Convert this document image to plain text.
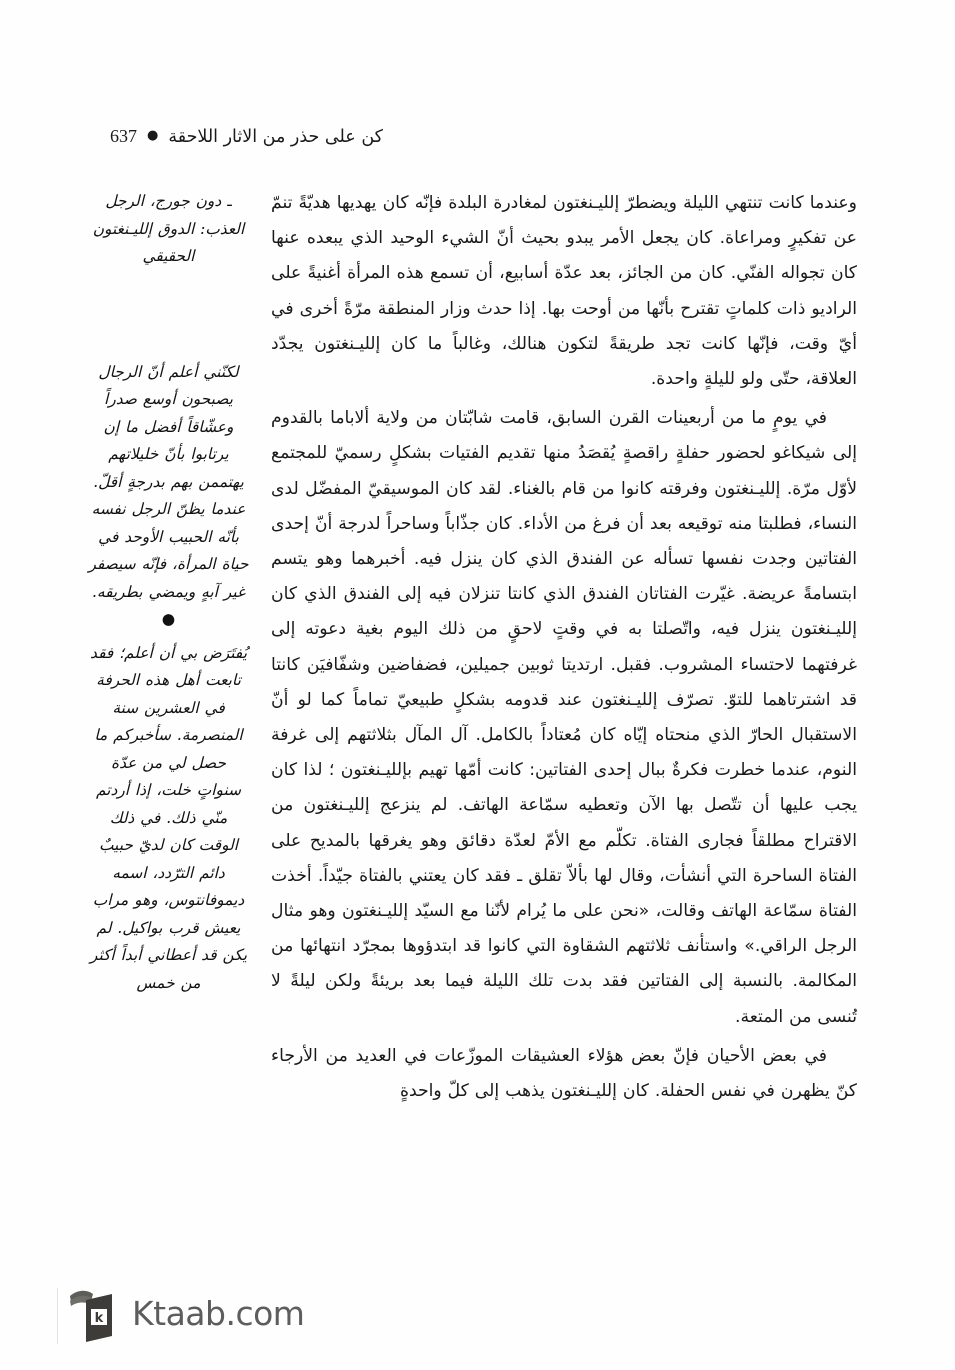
كن على حذر من الاثار اللاحقة
●
637

وعندما كانت تنتهي الليلة ويضطرّ إلليـنغتون لمغادرة البلدة فإنّه كان يهديها هديّةً تنمّ عن تفكيرٍ ومراعاة. كان يجعل الأمر يبدو بحيث أنّ الشيء الوحيد الذي يبعده عنها كان تجواله الفنّي. كان من الجائز، بعد عدّة أسابيع، أن تسمع هذه المرأة أغنيةً على الراديو ذات كلماتٍ تقترح بأنّها من أوحت بها. إذا حدث وزار المنطقة مرّةً أخرى في أيّ وقت، فإنّها كانت تجد طريقةً لتكون هنالك، وغالباً ما كان إلليـنغتون يجدّد العلاقة، حتّى ولو لليلةٍ واحدة.

في يومٍ ما من أربعينات القرن السابق، قامت شابّتان من ولاية ألاباما بالقدوم إلى شيكاغو لحضور حفلةٍ راقصةٍ يُقصَدُ منها تقديم الفتيات بشكلٍ رسميّ للمجتمع لأوّل مرّة. إلليـنغتون وفرقته كانوا من قام بالغناء. لقد كان الموسيقيّ المفضّل لدى النساء، فطلبتا منه توقيعه بعد أن فرغ من الأداء. كان جذّاباً وساحراً لدرجة أنّ إحدى الفتاتين وجدت نفسها تسأله عن الفندق الذي كان ينزل فيه. أخبرهما وهو يتسم ابتسامةً عريضة. غيّرت الفتاتان الفندق الذي كانتا تنزلان فيه إلى الفندق الذي كان إلليـنغتون ينزل فيه، واتّصلتا به في وقتٍ لاحقٍ من ذلك اليوم بغية دعوته إلى غرفتهما لاحتساء المشروب. فقبل. ارتديتا ثوبين جميلين، فضفاضين وشفّافيَن كانتا قد اشترتاهما للتوّ. تصرّف إلليـنغتون عند قدومه بشكلٍ طبيعيّ تماماً كما لو أنّ الاستقبال الحارّ الذي منحتاه إيّاه كان مُعتاداً بالكامل. آل المآل بثلاثتهم إلى غرفة النوم، عندما خطرت فكرةٌ ببال إحدى الفتاتين: كانت أمّها تهيم بإلليـنغتون ؛ لذا كان يجب عليها أن تتّصل بها الآن وتعطيه سمّاعة الهاتف. لم ينزعج إلليـنغتون من الاقتراح مطلقاً فجارى الفتاة. تكلّم مع الأمّ لعدّة دقائق وهو يغرقها بالمديح على الفتاة الساحرة التي أنشأت، وقال لها بألاّ تقلق ـ فقد كان يعتني بالفتاة جيّداً. أخذت الفتاة سمّاعة الهاتف وقالت، «نحن على ما يُرام لأنّنا مع السيّد إلليـنغتون وهو مثال الرجل الراقي.» واستأنف ثلاثتهم الشقاوة التي كانوا قد ابتدؤوها بمجرّد انتهائها من المكالمة. بالنسبة إلى الفتاتين فقد بدت تلك الليلة فيما بعد بريئةً ولكن ليلةً لا تُنسى من المتعة.

في بعض الأحيان فإنّ بعض هؤلاء العشيقات الموزّعات في العديد من الأرجاء كنّ يظهرن في نفس الحفلة. كان إلليـنغتون يذهب إلى كلّ واحدةٍ

ـ دون جورج، الرجل العذب: الدوق إلليـنغتون الحقيقي
لكنّني أعلم أنّ الرجال يصبحون أوسع صدراً وعشّاقاً أفضل ما إن يرتابوا بأنّ خليلاتهم يهتممن بهم بدرجةٍ أقلّ. عندما يظنّ الرجل نفسه بأنّه الحبيب الأوحد في حياة المرأة، فإنّه سيصفر غير آبهٍ ويمضي بطريقه. ●
يُفتَرَض بي أن أعلم؛ فقد تابعت أهل هذه الحرفة في العشرين سنة المنصرمة. سأخبركم ما حصل لي من عدّة سنواتٍ خلت، إذا أردتم منّي ذلك. في ذلك الوقت كان لديّ حبيبٌ دائم الترّدد، اسمه ديموفانتوس، وهو مراب يعيش قرب بواكيل. لم يكن قد أعطاني أبداً أكثر من خمس
k Ktaab.com
